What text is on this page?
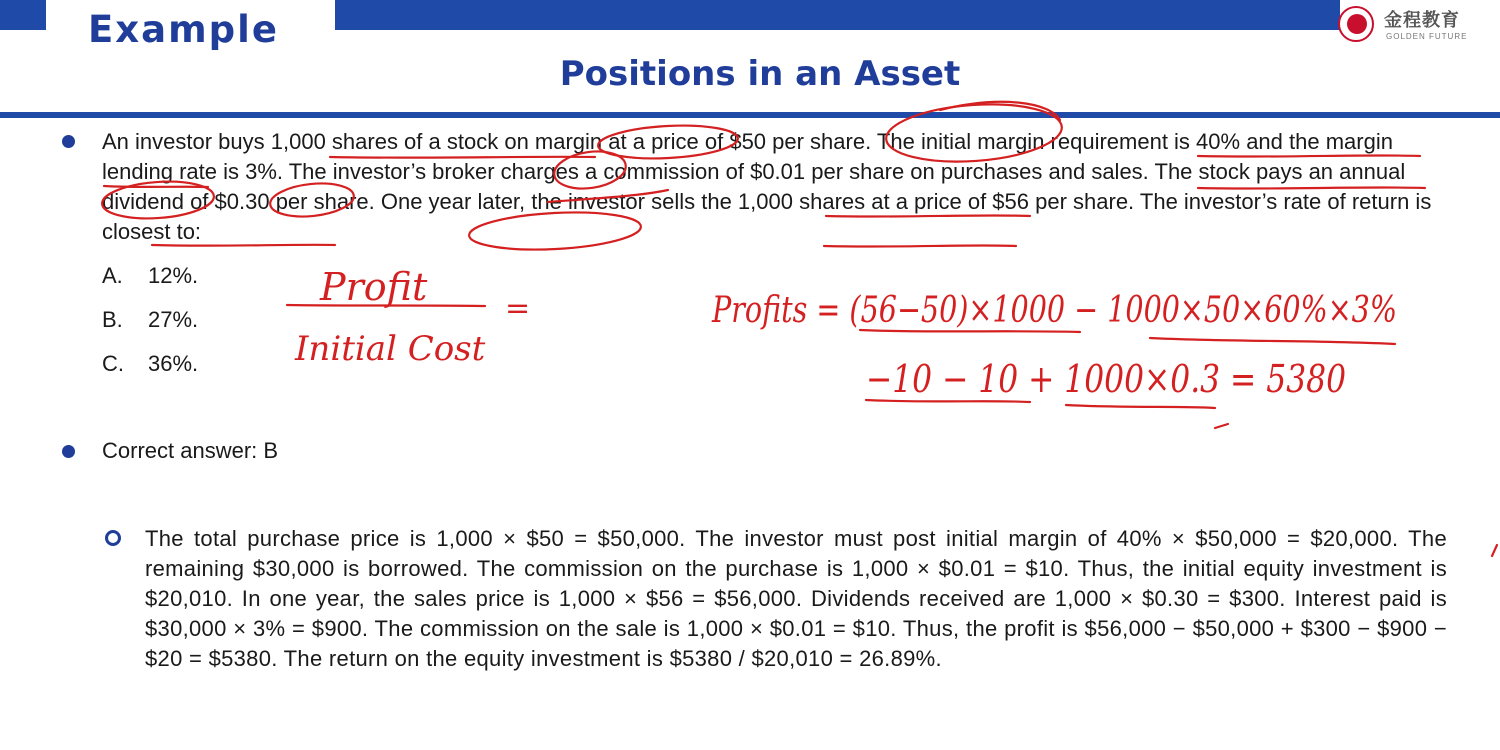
Example	金程教育
GOLDEN FUTURE
Positions in an Asset
An investor buys 1,000 shares of a stock on margin at a price of $50 per share. The initial margin requirement is 40% and the margin lending rate is 3%. The investor’s broker charges a commission of $0.01 per share on purchases and sales. The stock pays an annual dividend of $0.30 per share. One year later, the investor sells the 1,000 shares at a price of $56 per share. The investor’s rate of return is closest to:
A. 12%.
B. 27%.
C. 36%.
Correct answer: B
The total purchase price is 1,000 × $50 = $50,000. The investor must post initial margin of 40% × $50,000 = $20,000. The remaining $30,000 is borrowed. The commission on the purchase is 1,000 × $0.01 = $10. Thus, the initial equity investment is $20,010. In one year, the sales price is 1,000 × $56 = $56,000. Dividends received are 1,000 × $0.30 = $300. Interest paid is $30,000 × 3% = $900. The commission on the sale is 1,000 × $0.01 = $10. Thus, the profit is $56,000 − $50,000 + $300 − $900 − $20 = $5380. The return on the equity investment is $5380 / $20,010 = 26.89%.
Profit
Initial Cost
=	Profits = (56−50)×1000 − 1000×50×60%×3%
−10 − 10 + 1000×0.3 = 5380
